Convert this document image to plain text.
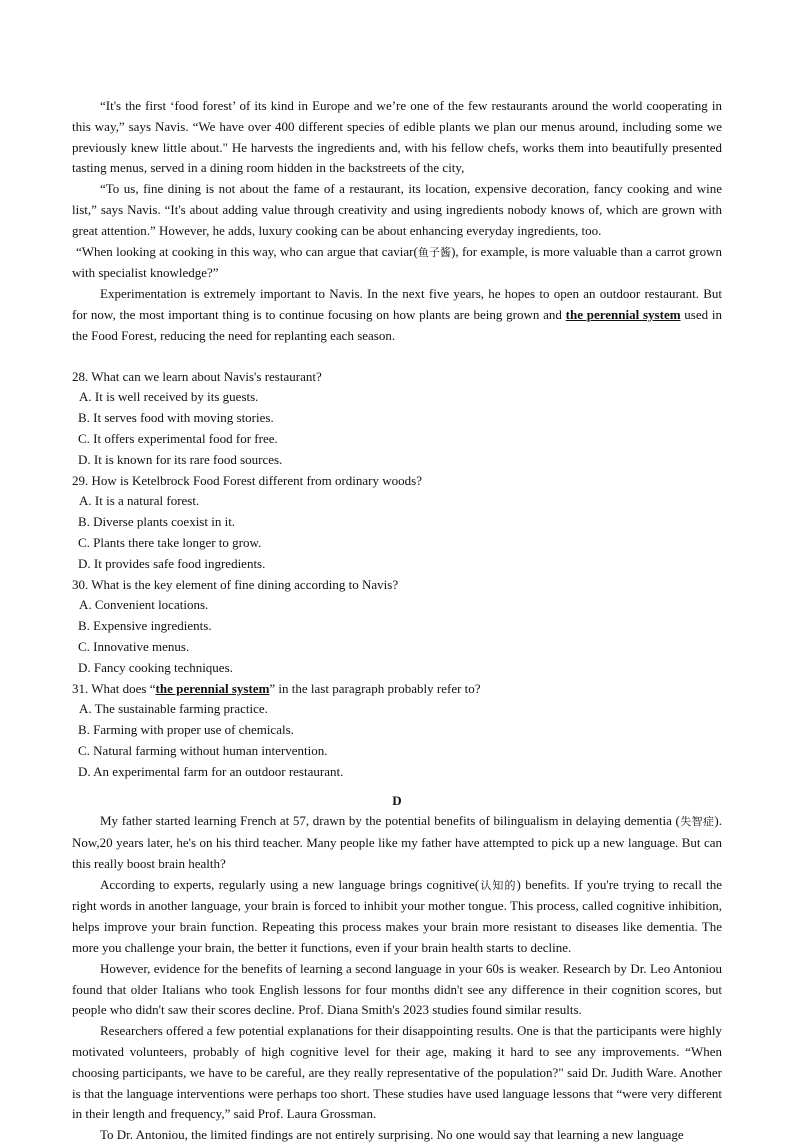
“It's the first ‘food forest’ of its kind in Europe and we’re one of the few restaurants around the world cooperating in this way,” says Navis. “We have over 400 different species of edible plants we plan our menus around, including some we previously knew little about." He harvests the ingredients and, with his fellow chefs, works them into beautifully presented tasting menus, served in a dining room hidden in the backstreets of the city,

“To us, fine dining is not about the fame of a restaurant, its location, expensive decoration, fancy cooking and wine list,” says Navis. “It's about adding value through creativity and using ingredients nobody knows of, which are grown with great attention.” However, he adds, luxury cooking can be about enhancing everyday ingredients, too.

“When looking at cooking in this way, who can argue that caviar(鱼子酱), for example, is more valuable than a carrot grown with specialist knowledge?”

Experimentation is extremely important to Navis. In the next five years, he hopes to open an outdoor restaurant. But for now, the most important thing is to continue focusing on how plants are being grown and the perennial system used in the Food Forest, reducing the need for replanting each season.

28. What can we learn about Navis's restaurant?

A. It is well received by its guests.
B. It serves food with moving stories.
C. It offers experimental food for free.
D. It is known for its rare food sources.

29. How is Ketelbrock Food Forest different from ordinary woods?

A. It is a natural forest.
B. Diverse plants coexist in it.
C. Plants there take longer to grow.
D. It provides safe food ingredients.

30. What is the key element of fine dining according to Navis?

A. Convenient locations.
B. Expensive ingredients.
C. Innovative menus.
D. Fancy cooking techniques.

31. What does “the perennial system” in the last paragraph probably refer to?

A. The sustainable farming practice.
B. Farming with proper use of chemicals.
C. Natural farming without human intervention.
D. An experimental farm for an outdoor restaurant.

D

My father started learning French at 57, drawn by the potential benefits of bilingualism in delaying dementia (失智症). Now,20 years later, he's on his third teacher. Many people like my father have attempted to pick up a new language. But can this really boost brain health?

According to experts, regularly using a new language brings cognitive(认知的) benefits. If you're trying to recall the right words in another language, your brain is forced to inhibit your mother tongue. This process, called cognitive inhibition, helps improve your brain function. Repeating this process makes your brain more resistant to diseases like dementia. The more you challenge your brain, the better it functions, even if your brain health starts to decline.

However, evidence for the benefits of learning a second language in your 60s is weaker. Research by Dr. Leo Antoniou found that older Italians who took English lessons for four months didn't see any difference in their cognition scores, but people who didn't saw their scores decline. Prof. Diana Smith's 2023 studies found similar results.

Researchers offered a few potential explanations for their disappointing results. One is that the participants were highly motivated volunteers, probably of high cognitive level for their age, making it hard to see any improvements. “When choosing participants, we have to be careful, are they really representative of the population?" said Dr. Judith Ware. Another is that the language interventions were perhaps too short. These studies have used language lessons that “were very different in their length and frequency,” said Prof. Laura Grossman.

To Dr. Antoniou, the limited findings are not entirely surprising. No one would say that learning a new language
